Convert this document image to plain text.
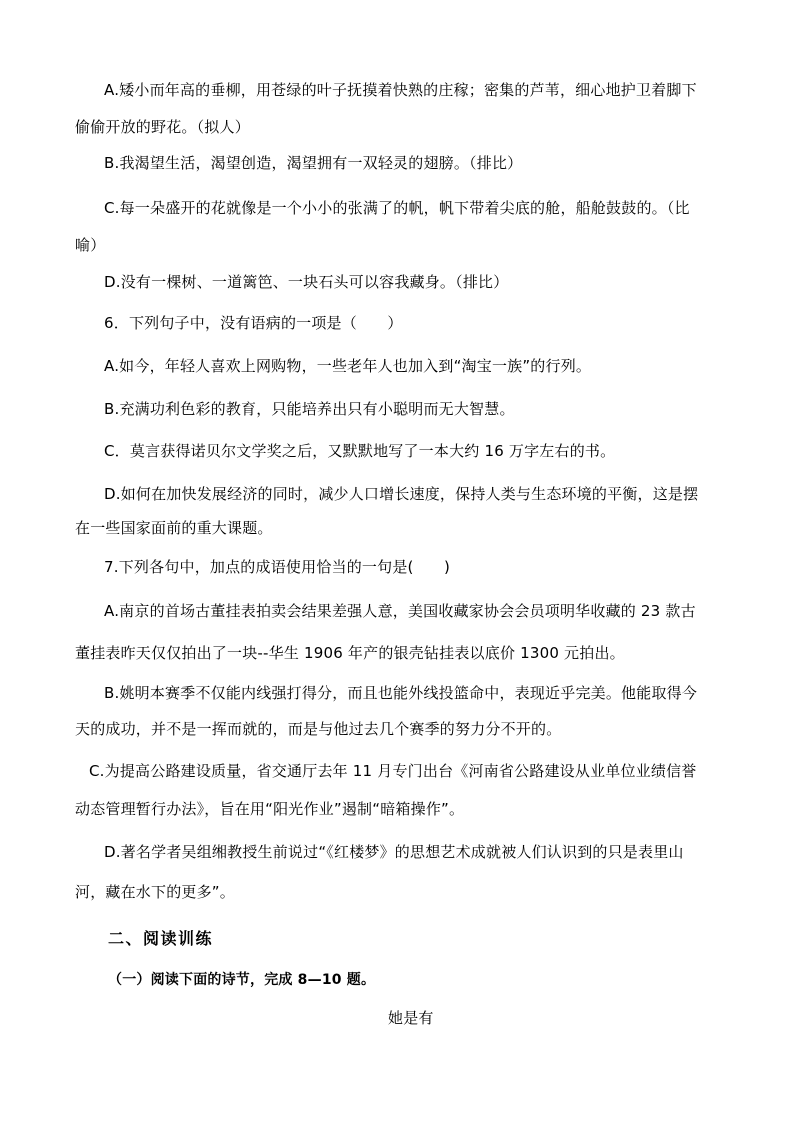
A.矮小而年高的垂柳，用苍绿的叶子抚摸着快熟的庄稼；密集的芦苇，细心地护卫着脚下
偷偷开放的野花。（拟人）
B.我渴望生活，渴望创造，渴望拥有一双轻灵的翅膀。（排比）
C.每一朵盛开的花就像是一个小小的张满了的帆，帆下带着尖底的舱，船舱鼓鼓的。（比
喻）
D.没有一棵树、一道篱笆、一块石头可以容我藏身。（排比）
6．下列句子中，没有语病的一项是（　　）
A.如今，年轻人喜欢上网购物，一些老年人也加入到“淘宝一族”的行列。
B.充满功利色彩的教育，只能培养出只有小聪明而无大智慧。
C．莫言获得诺贝尔文学奖之后，又默默地写了一本大约 16 万字左右的书。
D.如何在加快发展经济的同时，减少人口增长速度，保持人类与生态环境的平衡，这是摆
在一些国家面前的重大课题。
7.下列各句中，加点的成语使用恰当的一句是(　　)
A.南京的首场古董挂表拍卖会结果差强人意，美国收藏家协会会员项明华收藏的 23 款古
董挂表昨天仅仅拍出了一块--华生 1906 年产的银壳钻挂表以底价 1300 元拍出。
B.姚明本赛季不仅能内线强打得分，而且也能外线投篮命中，表现近乎完美。他能取得今
天的成功，并不是一挥而就的，而是与他过去几个赛季的努力分不开的。
C.为提高公路建设质量，省交通厅去年 11 月专门出台《河南省公路建设从业单位业绩信誉
动态管理暂行办法》，旨在用“阳光作业”遏制“暗箱操作”。
D.著名学者吴组缃教授生前说过“《红楼梦》的思想艺术成就被人们认识到的只是表里山
河，藏在水下的更多”。
二、阅读训练
（一）阅读下面的诗节，完成 8—10 题。
她是有
